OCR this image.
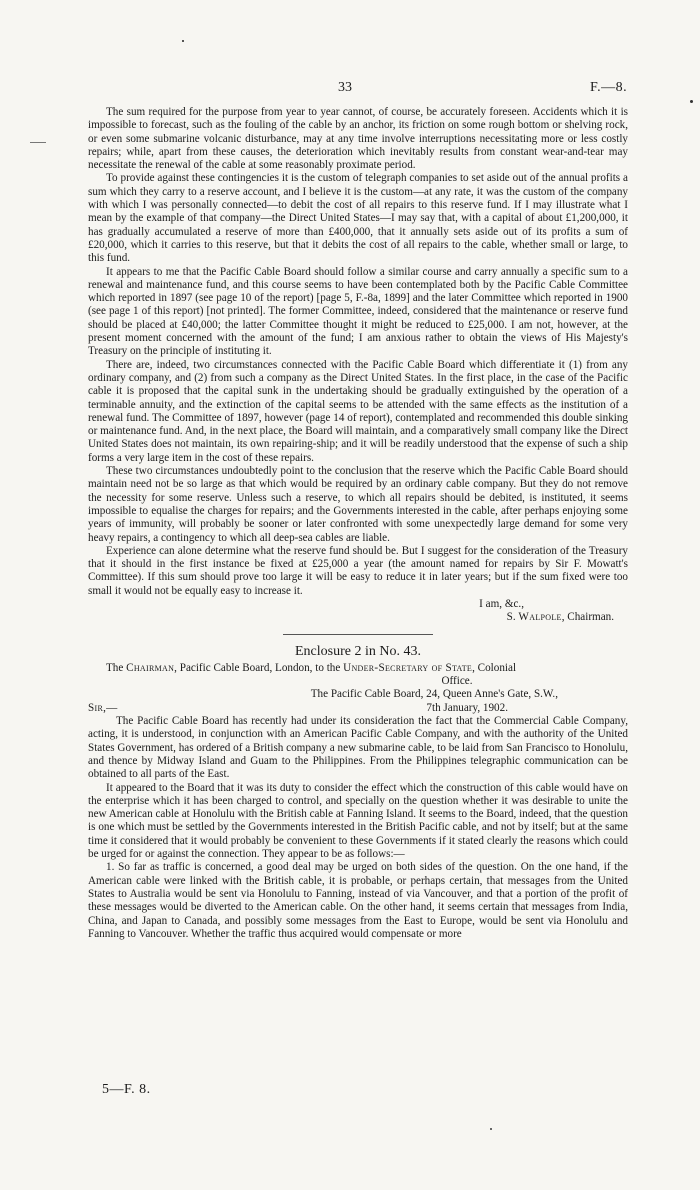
33	F.—8.

The sum required for the purpose from year to year cannot, of course, be accurately foreseen. Accidents which it is impossible to forecast, such as the fouling of the cable by an anchor, its friction on some rough bottom or shelving rock, or even some submarine volcanic disturbance, may at any time involve interruptions necessitating more or less costly repairs; while, apart from these causes, the deterioration which inevitably results from constant wear-and-tear may necessitate the renewal of the cable at some reasonably proximate period.

To provide against these contingencies it is the custom of telegraph companies to set aside out of the annual profits a sum which they carry to a reserve account, and I believe it is the custom—at any rate, it was the custom of the company with which I was personally connected—to debit the cost of all repairs to this reserve fund. If I may illustrate what I mean by the example of that company—the Direct United States—I may say that, with a capital of about £1,200,000, it has gradually accumulated a reserve of more than £400,000, that it annually sets aside out of its profits a sum of £20,000, which it carries to this reserve, but that it debits the cost of all repairs to the cable, whether small or large, to this fund.

It appears to me that the Pacific Cable Board should follow a similar course and carry annually a specific sum to a renewal and maintenance fund, and this course seems to have been contemplated both by the Pacific Cable Committee which reported in 1897 (see page 10 of the report) [page 5, F.-8a, 1899] and the later Committee which reported in 1900 (see page 1 of this report) [not printed]. The former Committee, indeed, considered that the maintenance or reserve fund should be placed at £40,000; the latter Committee thought it might be reduced to £25,000. I am not, however, at the present moment concerned with the amount of the fund; I am anxious rather to obtain the views of His Majesty's Treasury on the principle of instituting it.

There are, indeed, two circumstances connected with the Pacific Cable Board which differentiate it (1) from any ordinary company, and (2) from such a company as the Direct United States. In the first place, in the case of the Pacific cable it is proposed that the capital sunk in the undertaking should be gradually extinguished by the operation of a terminable annuity, and the extinction of the capital seems to be attended with the same effects as the institution of a renewal fund. The Committee of 1897, however (page 14 of report), contemplated and recommended this double sinking or maintenance fund. And, in the next place, the Board will maintain, and a comparatively small company like the Direct United States does not maintain, its own repairing-ship; and it will be readily understood that the expense of such a ship forms a very large item in the cost of these repairs.

These two circumstances undoubtedly point to the conclusion that the reserve which the Pacific Cable Board should maintain need not be so large as that which would be required by an ordinary cable company. But they do not remove the necessity for some reserve. Unless such a reserve, to which all repairs should be debited, is instituted, it seems impossible to equalise the charges for repairs; and the Governments interested in the cable, after perhaps enjoying some years of immunity, will probably be sooner or later confronted with some unexpectedly large demand for some very heavy repairs, a contingency to which all deep-sea cables are liable.

Experience can alone determine what the reserve fund should be. But I suggest for the consideration of the Treasury that it should in the first instance be fixed at £25,000 a year (the amount named for repairs by Sir F. Mowatt's Committee). If this sum should prove too large it will be easy to reduce it in later years; but if the sum fixed were too small it would not be equally easy to increase it.

I am, &c.,
S. Walpole, Chairman.
Enclosure 2 in No. 43.

The Chairman, Pacific Cable Board, London, to the Under-Secretary of State, Colonial
Office.

The Pacific Cable Board, 24, Queen Anne's Gate, S.W.,

Sir,—	7th January, 1902.

The Pacific Cable Board has recently had under its consideration the fact that the Commercial Cable Company, acting, it is understood, in conjunction with an American Pacific Cable Company, and with the authority of the United States Government, has ordered of a British company a new submarine cable, to be laid from San Francisco to Honolulu, and thence by Midway Island and Guam to the Philippines. From the Philippines telegraphic communication can be obtained to all parts of the East.

It appeared to the Board that it was its duty to consider the effect which the construction of this cable would have on the enterprise which it has been charged to control, and specially on the question whether it was desirable to unite the new American cable at Honolulu with the British cable at Fanning Island. It seems to the Board, indeed, that the question is one which must be settled by the Governments interested in the British Pacific cable, and not by itself; but at the same time it considered that it would probably be convenient to these Governments if it stated clearly the reasons which could be urged for or against the connection. They appear to be as follows:—

1. So far as traffic is concerned, a good deal may be urged on both sides of the question. On the one hand, if the American cable were linked with the British cable, it is probable, or perhaps certain, that messages from the United States to Australia would be sent via Honolulu to Fanning, instead of via Vancouver, and that a portion of the profit of these messages would be diverted to the American cable. On the other hand, it seems certain that messages from India, China, and Japan to Canada, and possibly some messages from the East to Europe, would be sent via Honolulu and Fanning to Vancouver. Whether the traffic thus acquired would compensate or more

5—F. 8.
